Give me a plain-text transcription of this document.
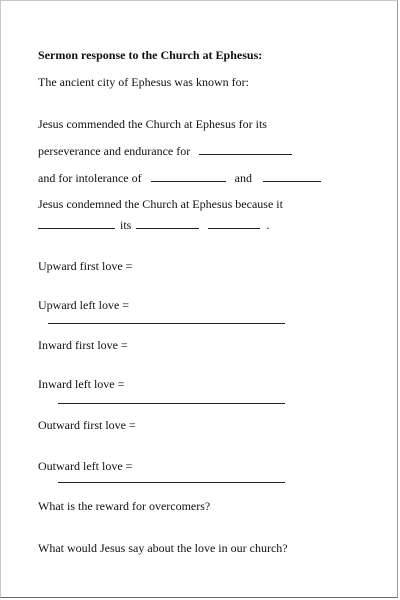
Sermon response to the Church at Ephesus:
The ancient city of Ephesus was known for:
Jesus commended the Church at Ephesus for its
perseverance and endurance for
and for intolerance of	and
Jesus condemned the Church at Ephesus because it
its	.
Upward first love =
Upward left love =
Inward first love =
Inward left love =
Outward first love =
Outward left love =
What is the reward for overcomers?
What would Jesus say about the love in our church?
